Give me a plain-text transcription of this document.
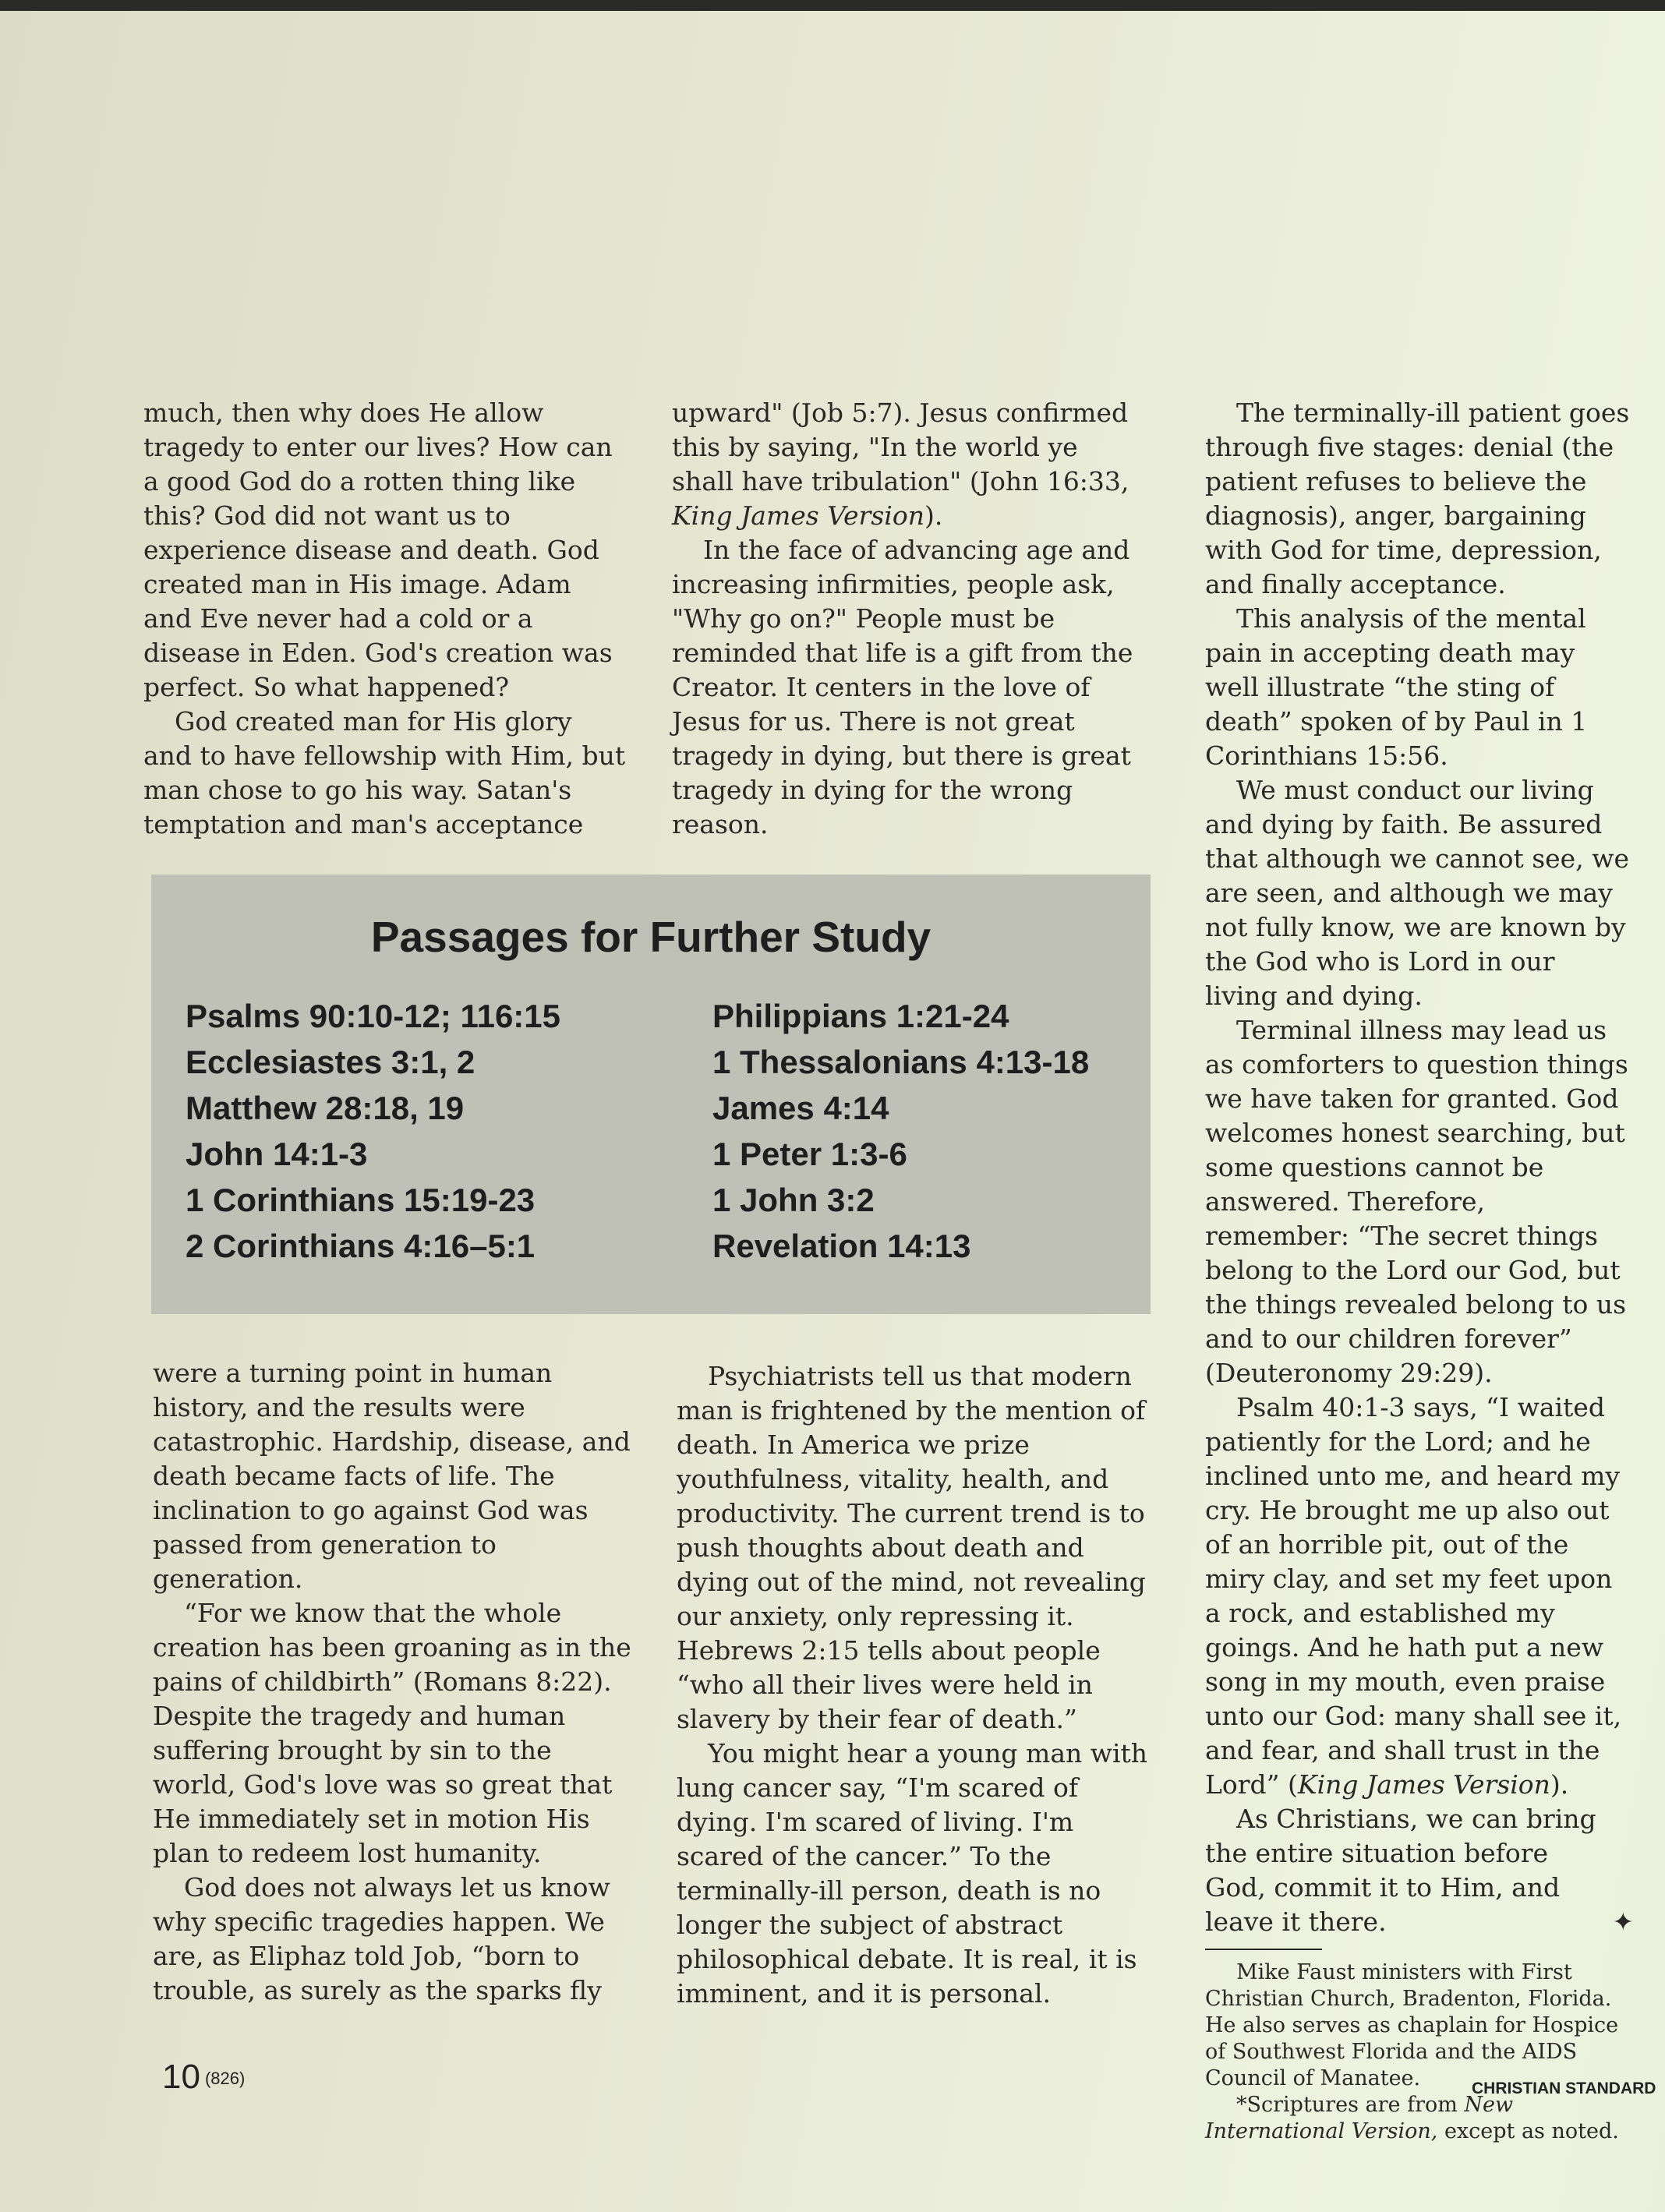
much, then why does He allow tragedy to enter our lives? How can a good God do a rotten thing like this? God did not want us to experience disease and death. God created man in His image. Adam and Eve never had a cold or a disease in Eden. God's creation was perfect. So what happened?

God created man for His glory and to have fellowship with Him, but man chose to go his way. Satan's temptation and man's acceptance

upward" (Job 5:7). Jesus confirmed this by saying, "In the world ye shall have tribulation" (John 16:33, King James Version).

In the face of advancing age and increasing infirmities, people ask, "Why go on?" People must be reminded that life is a gift from the Creator. It centers in the love of Jesus for us. There is not great tragedy in dying, but there is great tragedy in dying for the wrong reason.

Passages for Further Study
Psalms 90:10-12; 116:15
Ecclesiastes 3:1, 2
Matthew 28:18, 19
John 14:1-3
1 Corinthians 15:19-23
2 Corinthians 4:16–5:1
Philippians 1:21-24
1 Thessalonians 4:13-18
James 4:14
1 Peter 1:3-6
1 John 3:2
Revelation 14:13

were a turning point in human history, and the results were catastrophic. Hardship, disease, and death became facts of life. The inclination to go against God was passed from generation to generation.

“For we know that the whole creation has been groaning as in the pains of childbirth” (Romans 8:22). Despite the tragedy and human suffering brought by sin to the world, God's love was so great that He immediately set in motion His plan to redeem lost humanity.

God does not always let us know why specific tragedies happen. We are, as Eliphaz told Job, “born to trouble, as surely as the sparks fly

Psychiatrists tell us that modern man is frightened by the mention of death. In America we prize youthfulness, vitality, health, and productivity. The current trend is to push thoughts about death and dying out of the mind, not revealing our anxiety, only repressing it. Hebrews 2:15 tells about people “who all their lives were held in slavery by their fear of death.”

You might hear a young man with lung cancer say, “I'm scared of dying. I'm scared of living. I'm scared of the cancer.” To the terminally-ill person, death is no longer the subject of abstract philosophical debate. It is real, it is imminent, and it is personal.

The terminally-ill patient goes through five stages: denial (the patient refuses to believe the diagnosis), anger, bargaining with God for time, depression, and finally acceptance.

This analysis of the mental pain in accepting death may well illustrate “the sting of death” spoken of by Paul in 1 Corinthians 15:56.

We must conduct our living and dying by faith. Be assured that although we cannot see, we are seen, and although we may not fully know, we are known by the God who is Lord in our living and dying.

Terminal illness may lead us as comforters to question things we have taken for granted. God welcomes honest searching, but some questions cannot be answered. Therefore, remember: “The secret things belong to the Lord our God, but the things revealed belong to us and to our children forever” (Deuteronomy 29:29).

Psalm 40:1-3 says, “I waited patiently for the Lord; and he inclined unto me, and heard my cry. He brought me up also out of an horrible pit, out of the miry clay, and set my feet upon a rock, and established my goings. And he hath put a new song in my mouth, even praise unto our God: many shall see it, and fear, and shall trust in the Lord” (King James Version).

As Christians, we can bring the entire situation before God, commit it to Him, and leave it there.	✦

Mike Faust ministers with First Christian Church, Bradenton, Florida. He also serves as chaplain for Hospice of Southwest Florida and the AIDS Council of Manatee.

*Scriptures are from New International Version, except as noted.

10 (826)
CHRISTIAN STANDARD
